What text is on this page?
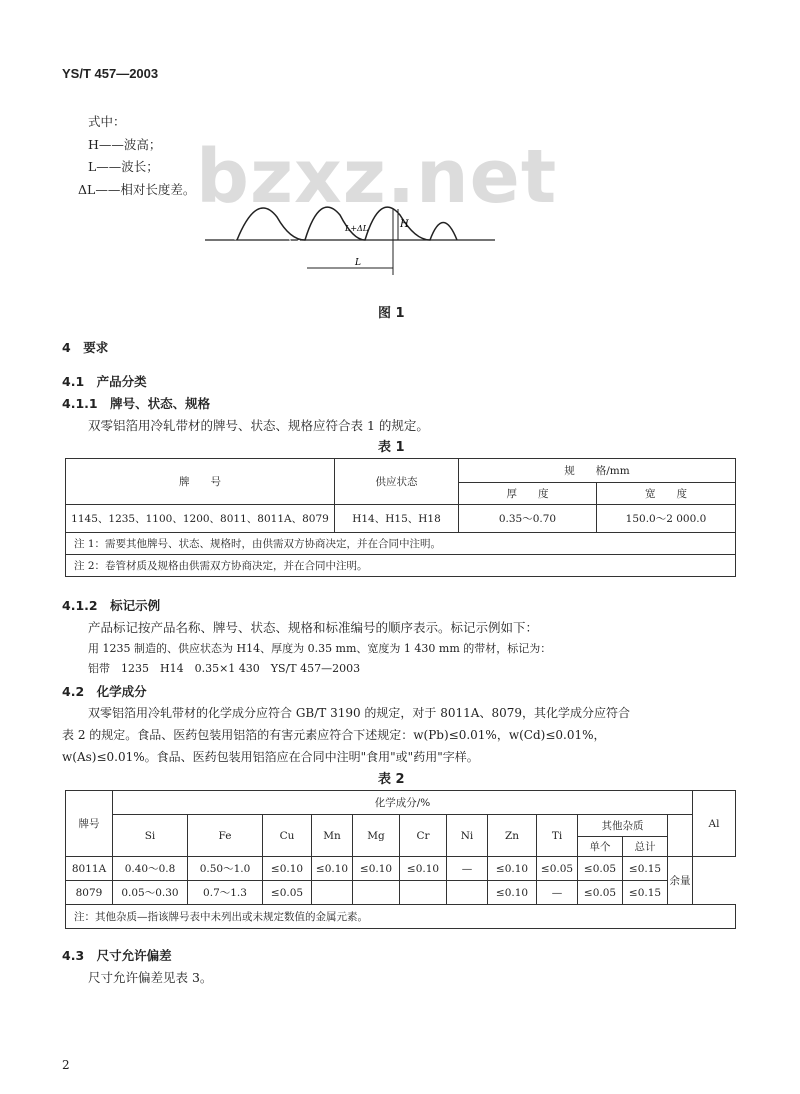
YS/T 457—2003
式中：
H——波高；
L——波长；
ΔL——相对长度差。 bzxz.net
H
L+ΔL
L
图 1
4　要求
4.1　产品分类
4.1.1　牌号、状态、规格
双零铝箔用冷轧带材的牌号、状态、规格应符合表 1 的规定。
表 1
牌　　号	供应状态	规　　格/mm	
		厚　　度	宽　　度
1145、1235、1100、1200、8011、8011A、8079	H14、H15、H18	0.35～0.70	150.0～2 000.0
注 1：需要其他牌号、状态、规格时，由供需双方协商决定，并在合同中注明。			
注 2：卷管材质及规格由供需双方协商决定，并在合同中注明。			
4.1.2　标记示例
产品标记按产品名称、牌号、状态、规格和标准编号的顺序表示。标记示例如下：
用 1235 制造的、供应状态为 H14、厚度为 0.35 mm、宽度为 1 430 mm 的带材，标记为：
铝带　1235　H14　0.35×1 430　YS/T 457—2003
4.2　化学成分
双零铝箔用冷轧带材的化学成分应符合 GB/T 3190 的规定，对于 8011A、8079，其化学成分应符合
表 2 的规定。食品、医药包装用铝箔的有害元素应符合下述规定：w(Pb)≤0.01%，w(Cd)≤0.01%，
w(As)≤0.01%。食品、医药包装用铝箔应在合同中注明"食用"或"药用"字样。
表 2
牌号	化学成分/%												Al
	Si	Fe	Cu	Mn	Mg	Cr	Ni	Zn	Ti	其他杂质			
										单个	总计		
8011A	0.40～0.8	0.50～1.0	≤0.10	≤0.10	≤0.10	≤0.10	—	≤0.10	≤0.05	≤0.05	≤0.15	余量	
8079	0.05～0.30	0.7～1.3	≤0.05					≤0.10	—	≤0.05	≤0.15		
注：其他杂质—指该牌号表中未列出或未规定数值的金属元素。													
4.3　尺寸允许偏差
尺寸允许偏差见表 3。
2
